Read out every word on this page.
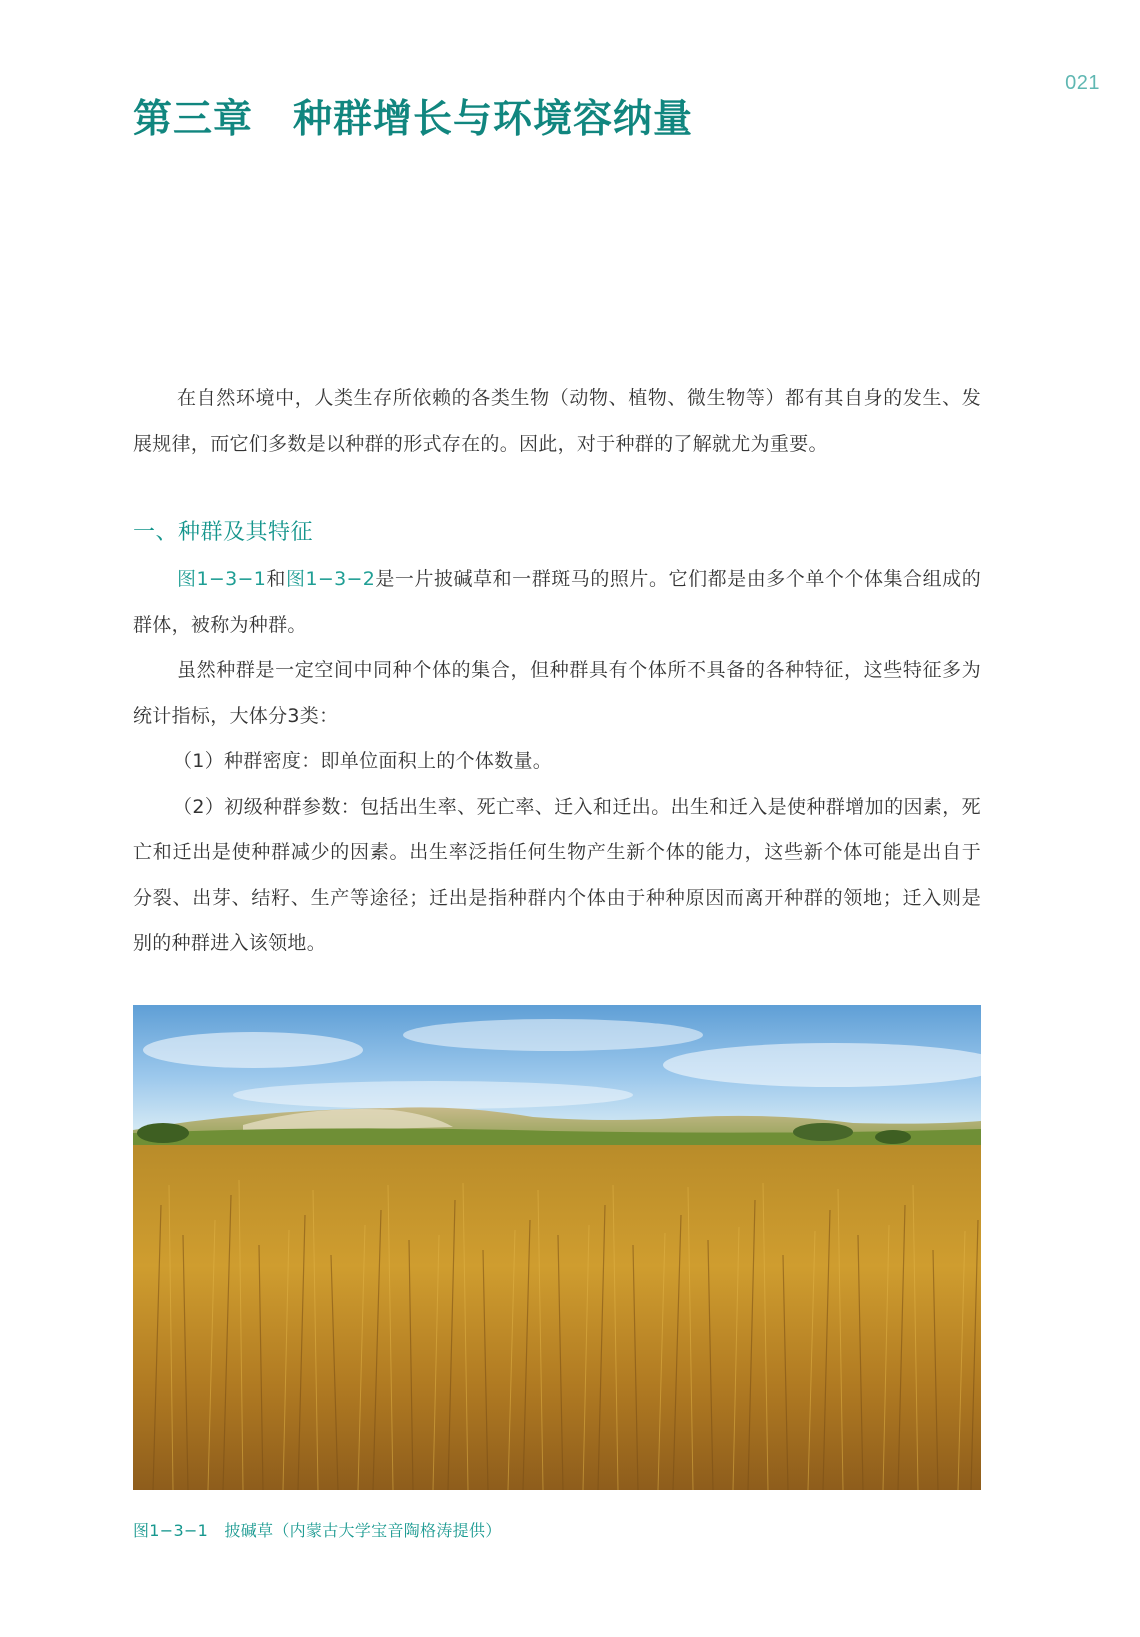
021
第三章　种群增长与环境容纳量

在自然环境中，人类生存所依赖的各类生物（动物、植物、微生物等）都有其自身的发生、发展规律，而它们多数是以种群的形式存在的。因此，对于种群的了解就尤为重要。

一、种群及其特征

图1−3−1和图1−3−2是一片披碱草和一群斑马的照片。它们都是由多个单个个体集合组成的群体，被称为种群。

虽然种群是一定空间中同种个体的集合，但种群具有个体所不具备的各种特征，这些特征多为统计指标，大体分3类：

（1）种群密度：即单位面积上的个体数量。

（2）初级种群参数：包括出生率、死亡率、迁入和迁出。出生和迁入是使种群增加的因素，死亡和迁出是使种群减少的因素。出生率泛指任何生物产生新个体的能力，这些新个体可能是出自于分裂、出芽、结籽、生产等途径；迁出是指种群内个体由于种种原因而离开种群的领地；迁入则是别的种群进入该领地。

图1−3−1　披碱草（内蒙古大学宝音陶格涛提供）
